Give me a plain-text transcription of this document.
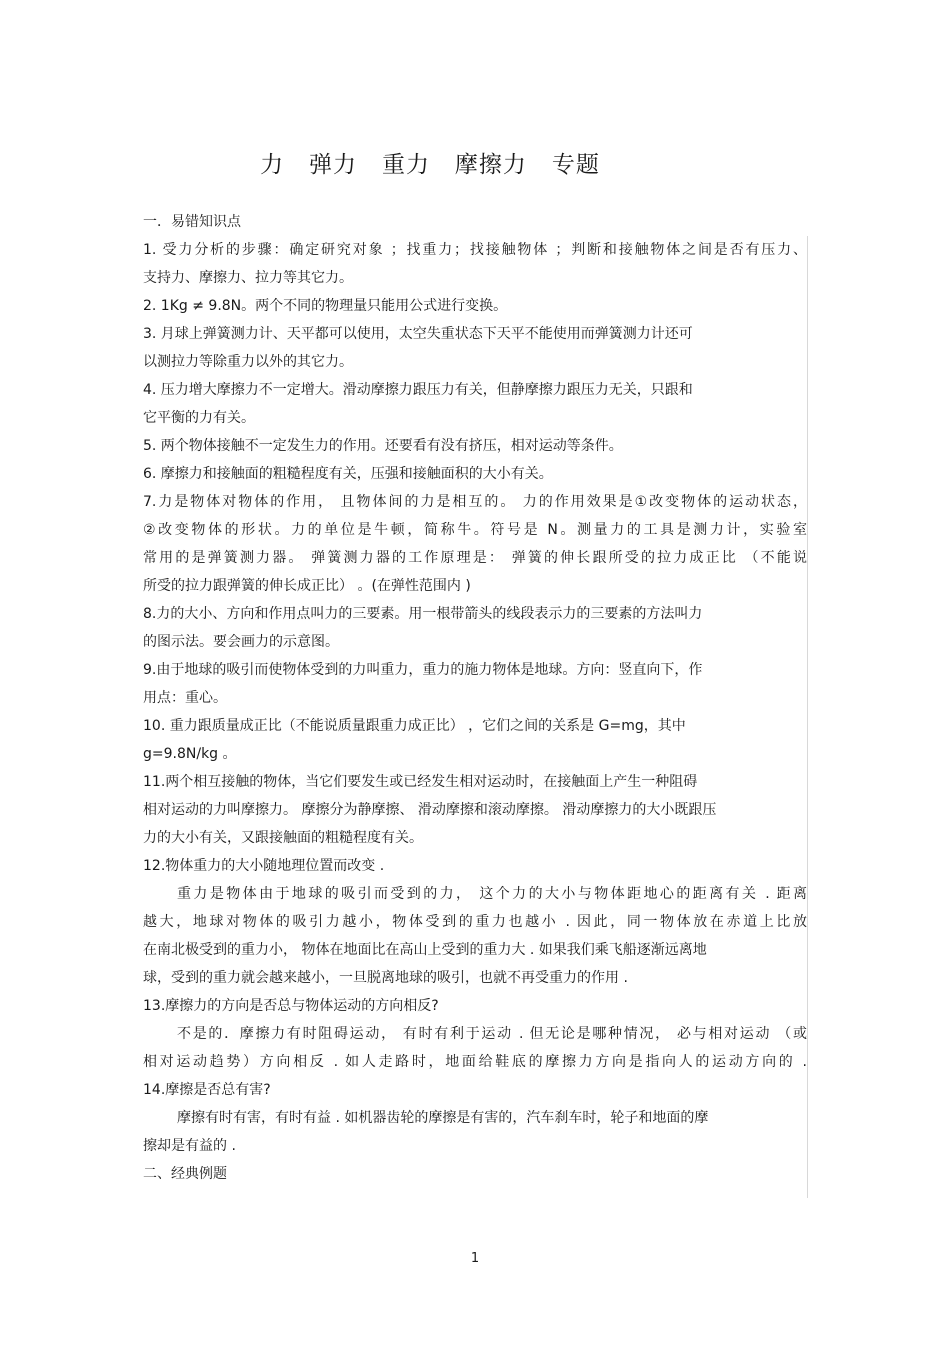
力   弹力   重力   摩擦力   专题
一．易错知识点
1. 受力分析的步骤：确定研究对象 ；找重力；找接触物体 ；判断和接触物体之间是否有压力、
支持力、摩擦力、拉力等其它力。
2. 1Kg ≠ 9.8N。两个不同的物理量只能用公式进行变换。
3. 月球上弹簧测力计、天平都可以使用，太空失重状态下天平不能使用而弹簧测力计还可
以测拉力等除重力以外的其它力。
4. 压力增大摩擦力不一定增大。滑动摩擦力跟压力有关，但静摩擦力跟压力无关，只跟和
它平衡的力有关。
5. 两个物体接触不一定发生力的作用。还要看有没有挤压，相对运动等条件。
6. 摩擦力和接触面的粗糙程度有关，压强和接触面积的大小有关。
7.力是物体对物体的作用， 且物体间的力是相互的。 力的作用效果是①改变物体的运动状态，
②改变物体的形状。力的单位是牛顿，简称牛。符号是 N。测量力的工具是测力计，实验室
常用的是弹簧测力器。 弹簧测力器的工作原理是： 弹簧的伸长跟所受的拉力成正比 （不能说
所受的拉力跟弹簧的伸长成正比） 。(在弹性范围内 )
8.力的大小、方向和作用点叫力的三要素。用一根带箭头的线段表示力的三要素的方法叫力
的图示法。要会画力的示意图。
9.由于地球的吸引而使物体受到的力叫重力，重力的施力物体是地球。方向：竖直向下，作
用点：重心。
10. 重力跟质量成正比（不能说质量跟重力成正比） ，它们之间的关系是 G=mg，其中
g=9.8N/kg 。
11.两个相互接触的物体，当它们要发生或已经发生相对运动时，在接触面上产生一种阻碍
相对运动的力叫摩擦力。 摩擦分为静摩擦、 滑动摩擦和滚动摩擦。 滑动摩擦力的大小既跟压
力的大小有关，又跟接触面的粗糙程度有关。
12.物体重力的大小随地理位置而改变 .
重力是物体由于地球的吸引而受到的力， 这个力的大小与物体距地心的距离有关 . 距离
越大，地球对物体的吸引力越小，物体受到的重力也越小 . 因此，同一物体放在赤道上比放
在南北极受到的重力小， 物体在地面比在高山上受到的重力大 . 如果我们乘飞船逐渐远离地
球，受到的重力就会越来越小，一旦脱离地球的吸引，也就不再受重力的作用 .
13.摩擦力的方向是否总与物体运动的方向相反?
不是的．摩擦力有时阻碍运动， 有时有利于运动 . 但无论是哪种情况， 必与相对运动 （或
相对运动趋势）方向相反 . 如人走路时，地面给鞋底的摩擦力方向是指向人的运动方向的 .
14.摩擦是否总有害?
摩擦有时有害，有时有益 . 如机器齿轮的摩擦是有害的，汽车刹车时，轮子和地面的摩
擦却是有益的 .
二、经典例题
1
